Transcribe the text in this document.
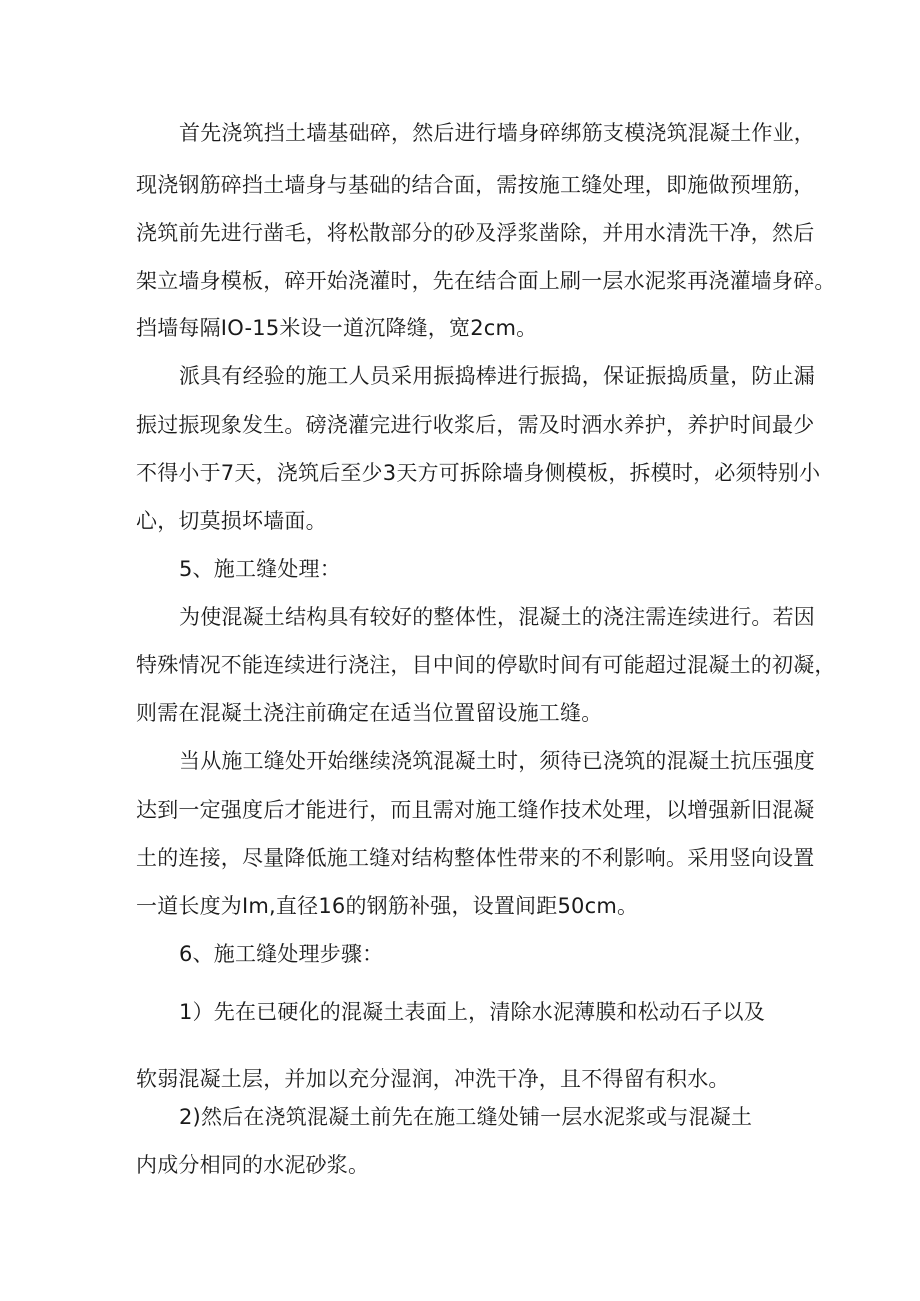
首先浇筑挡土墙基础碎，然后进行墙身碎绑筋支模浇筑混凝土作业，
现浇钢筋碎挡土墙身与基础的结合面，需按施工缝处理，即施做预埋筋，
浇筑前先进行凿毛，将松散部分的砂及浮浆凿除，并用水清洗干净，然后
架立墙身模板，碎开始浇灌时，先在结合面上刷一层水泥浆再浇灌墙身碎。
挡墙每隔IO-15米设一道沉降缝，宽2cm。
派具有经验的施工人员采用振捣棒进行振捣，保证振捣质量，防止漏
振过振现象发生。磅浇灌完进行收浆后，需及时洒水养护，养护时间最少
不得小于7天，浇筑后至少3天方可拆除墙身侧模板，拆模时，必须特别小
心，切莫损坏墙面。
5、施工缝处理：
为使混凝土结构具有较好的整体性，混凝土的浇注需连续进行。若因
特殊情况不能连续进行浇注，目中间的停歇时间有可能超过混凝土的初凝，
则需在混凝土浇注前确定在适当位置留设施工缝。
当从施工缝处开始继续浇筑混凝土时，须待已浇筑的混凝土抗压强度
达到一定强度后才能进行，而且需对施工缝作技术处理，以增强新旧混凝
土的连接，尽量降低施工缝对结构整体性带来的不利影响。采用竖向设置
一道长度为Im,直径16的钢筋补强，设置间距50cm。
6、施工缝处理步骤：
1）先在已硬化的混凝土表面上，清除水泥薄膜和松动石子以及
软弱混凝土层，并加以充分湿润，冲洗干净，且不得留有积水。
2)然后在浇筑混凝土前先在施工缝处铺一层水泥浆或与混凝土
内成分相同的水泥砂浆。
